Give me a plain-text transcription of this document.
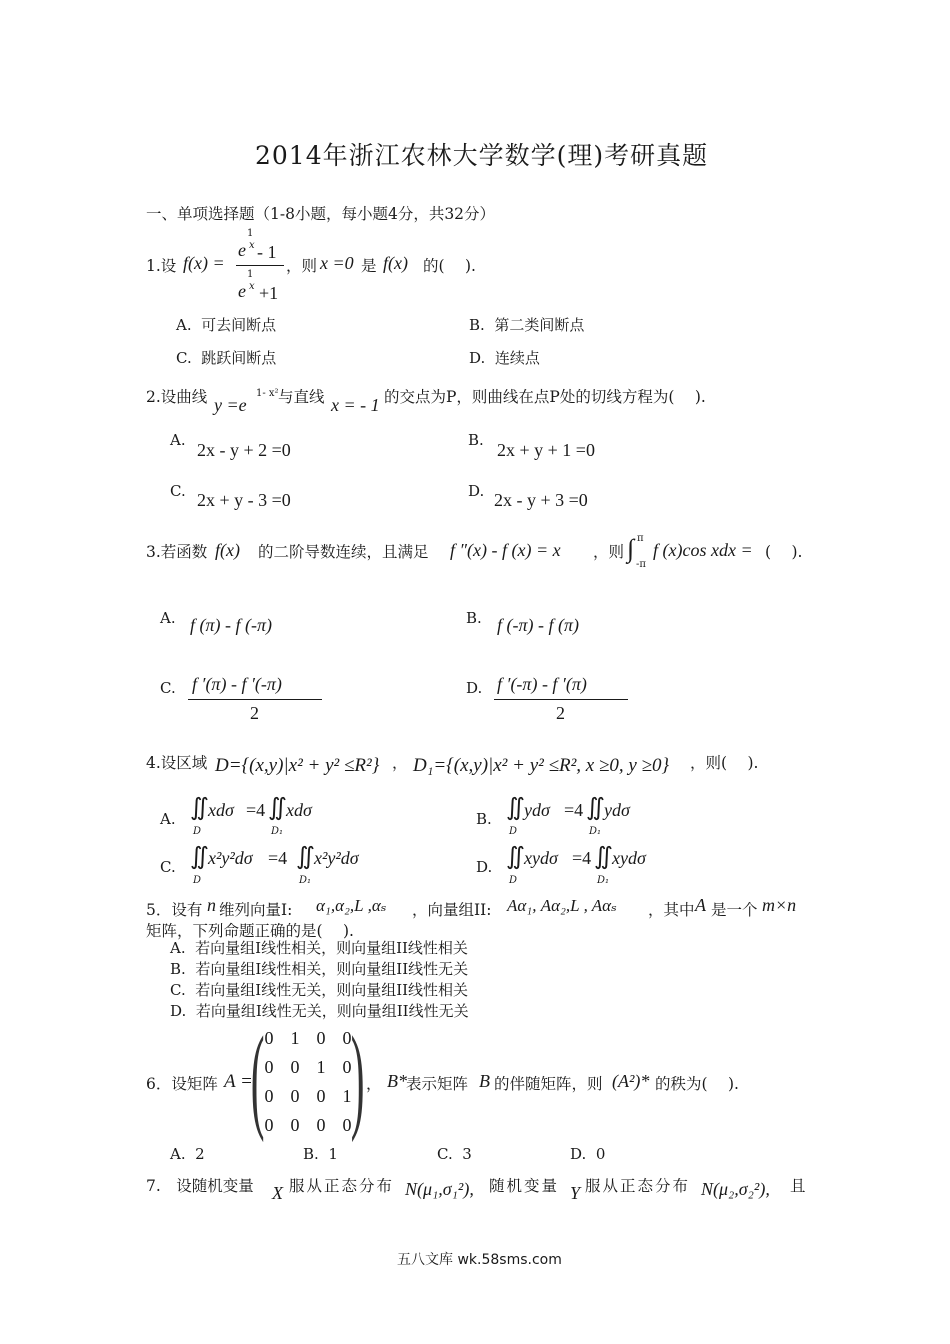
2014年浙江农林大学数学(理)考研真题
一、单项选择题（1-8小题，每小题4分，共32分）
1.设 f(x) =
e
1
x - 1
e
1
x +1
，则 x =0 是 f(x) 的(　 ).
A. 可去间断点	B. 第二类间断点
C. 跳跃间断点	D. 连续点
2.设曲线 y =e
1- x² 与直线 x = - 1 的交点为P，则曲线在点P处的切线方程为(　 ).
A. 2x - y + 2 =0	B. 2x + y + 1 =0
C. 2x + y - 3 =0	D. 2x - y + 3 =0
3.若函数 f(x) 的二阶导数连续，且满足 f ″(x) - f (x) = x ，则 ∫ π
-π
f (x)cos xdx = (　 ).
A. f (π) - f (-π)	B. f (-π) - f (π)
C. f ′(π) - f ′(-π)
2
D. f ′(-π) - f ′(π)
2
4.设区域 D={(x,y)|x² + y² ≤R²} ， D₁={(x,y)|x² + y² ≤R², x ≥0, y ≥0} ，则(　 ).
A. ∬ xdσ =4 ∬ xdσ
D	D₁
B. ∬ ydσ =4 ∬ ydσ
D	D₁
C. ∬ x²y²dσ =4 ∬ x²y²dσ
D	D₁
D. ∬ xydσ =4 ∬ xydσ
D	D₁
5．设有 n 维列向量I: α₁,α₂,L ,αₛ ，向量组II: Aα₁, Aα₂,L , Aαₛ ，其中 A 是一个 m×n
矩阵，下列命题正确的是(　 ).
A. 若向量组I线性相关，则向量组II线性相关
B. 若向量组I线性相关，则向量组II线性无关
C. 若向量组I线性无关，则向量组II线性相关
D. 若向量组I线性无关，则向量组II线性无关
6．设矩阵 A =
( 0	1	0	0
0	0	1	0
0	0	0	1
0	0	0	0 ) ， B* 表示矩阵 B 的伴随矩阵，则 (A²)* 的秩为(　 ).
A. 2	B. 1	C. 3	D. 0
7.　设随机变量 X 服从正态分布 N(μ₁,σ₁²), 随机变量 Y 服从正态分布 N(μ₂,σ₂²), 且
五八文库 wk.58sms.com
